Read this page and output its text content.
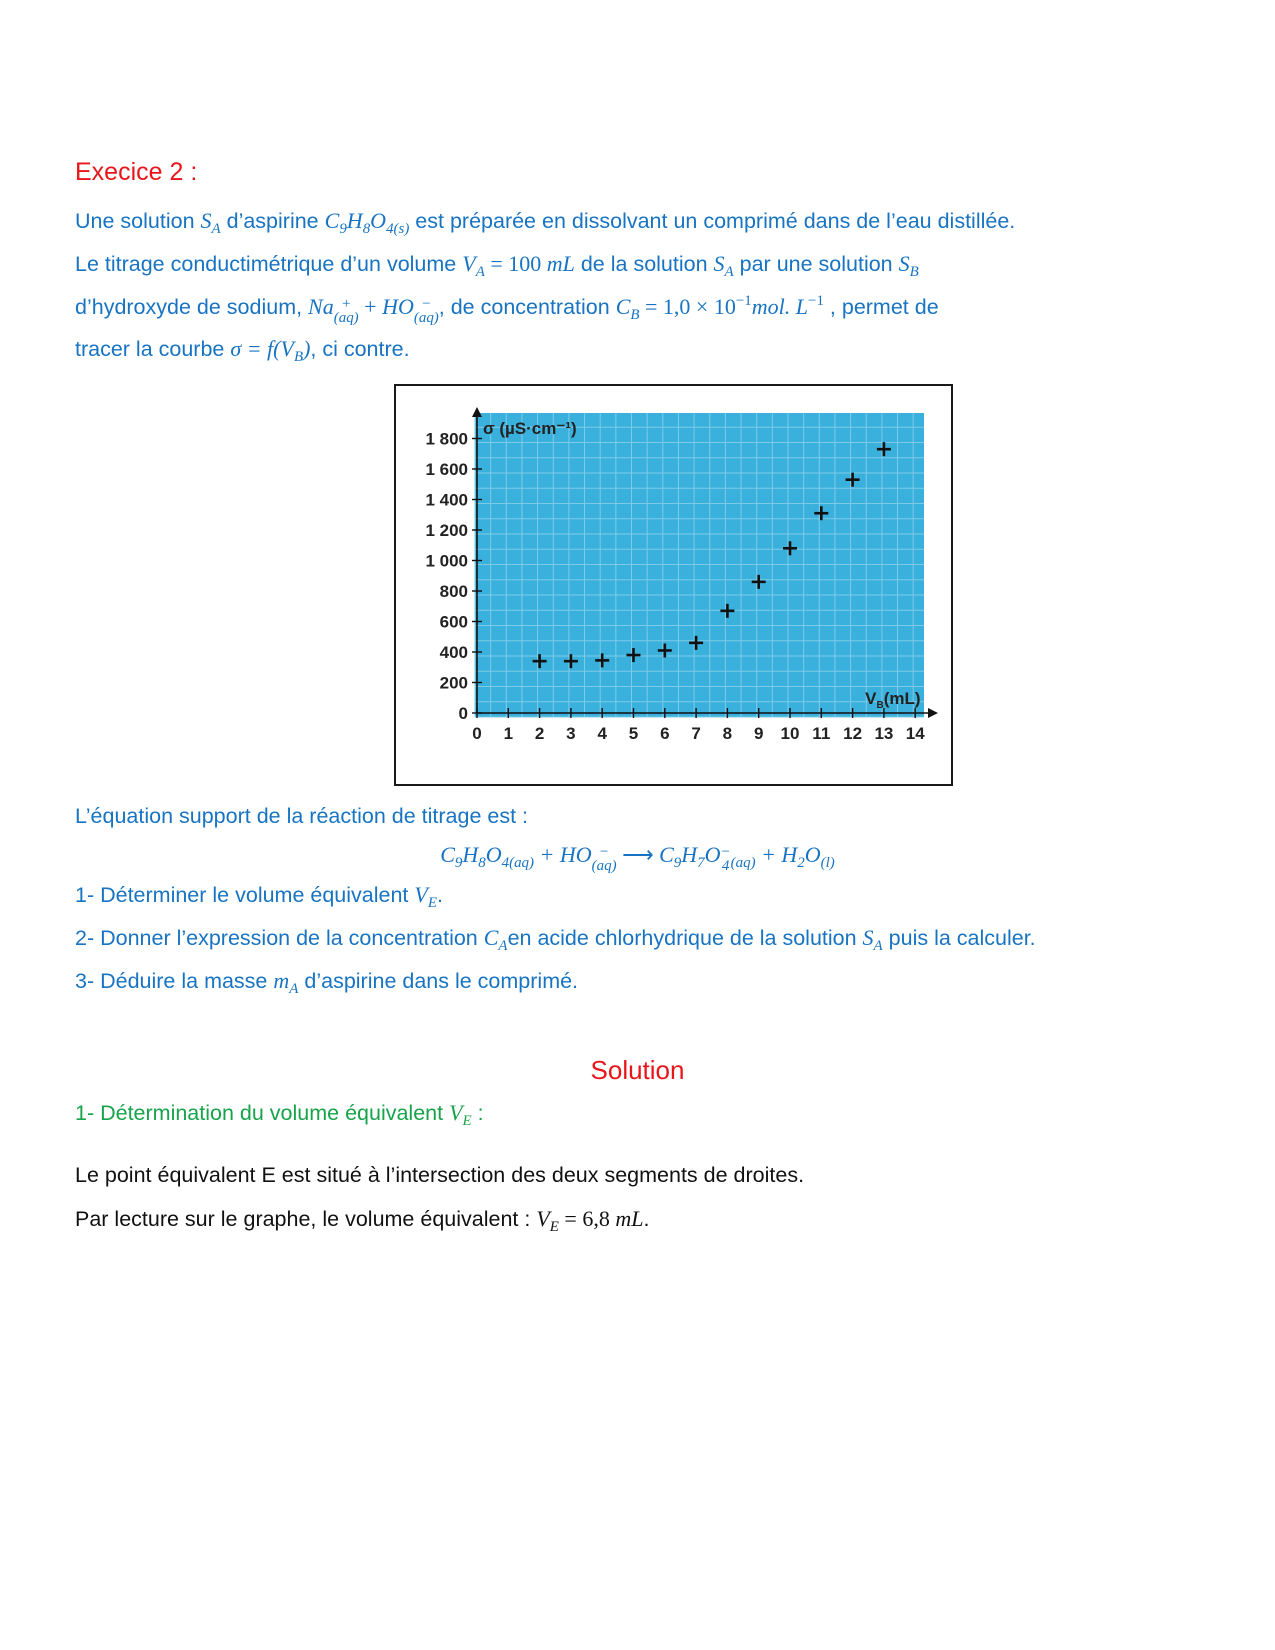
Execice 2 :
Une solution $S_A$ d’aspirine $C_9H_8O_{4(s)}$ est préparée en dissolvant un comprimé dans de l’eau distillée.
Le titrage conductimétrique d’un volume $V_A = 100$ mL de la solution $S_A$ par une solution $S_B$
d’hydroxyde de sodium, Na +
(aq) + HO −
(aq) , de concentration $C_B = 1,0 \times 10^{-1}mol$. $L^{-1}$ , permet de
tracer la courbe $\sigma = f(V_B)$, ci contre.
0
200
400
600
800
1 000
1 200
1 400
1 600
1 800
0 1 2 3 4 5 6 7 8 9 10 11 12 13 14
σ (µS·cm⁻¹)
$V_B(mL)$
L’équation support de la réaction de titrage est :
$C_9H_8O_{4(aq)}$ + HO −
(aq) ⟶ $C_9H_7O$ −
4 $_{(aq)} + H_2O_{(l)}$
1- Déterminer le volume équivalent $V_E$.
2- Donner l’expression de la concentration $C_Aen$ acide chlorhydrique de la solution $S_A$ puis la calculer.
3- Déduire la masse $m_A$ d’aspirine dans le comprimé.
Solution
1- Détermination du volume équivalent $V_E$ :
Le point équivalent E est situé à l’intersection des deux segments de droites.
Par lecture sur le graphe, le volume équivalent : $V_E = 6,8$ mL.
